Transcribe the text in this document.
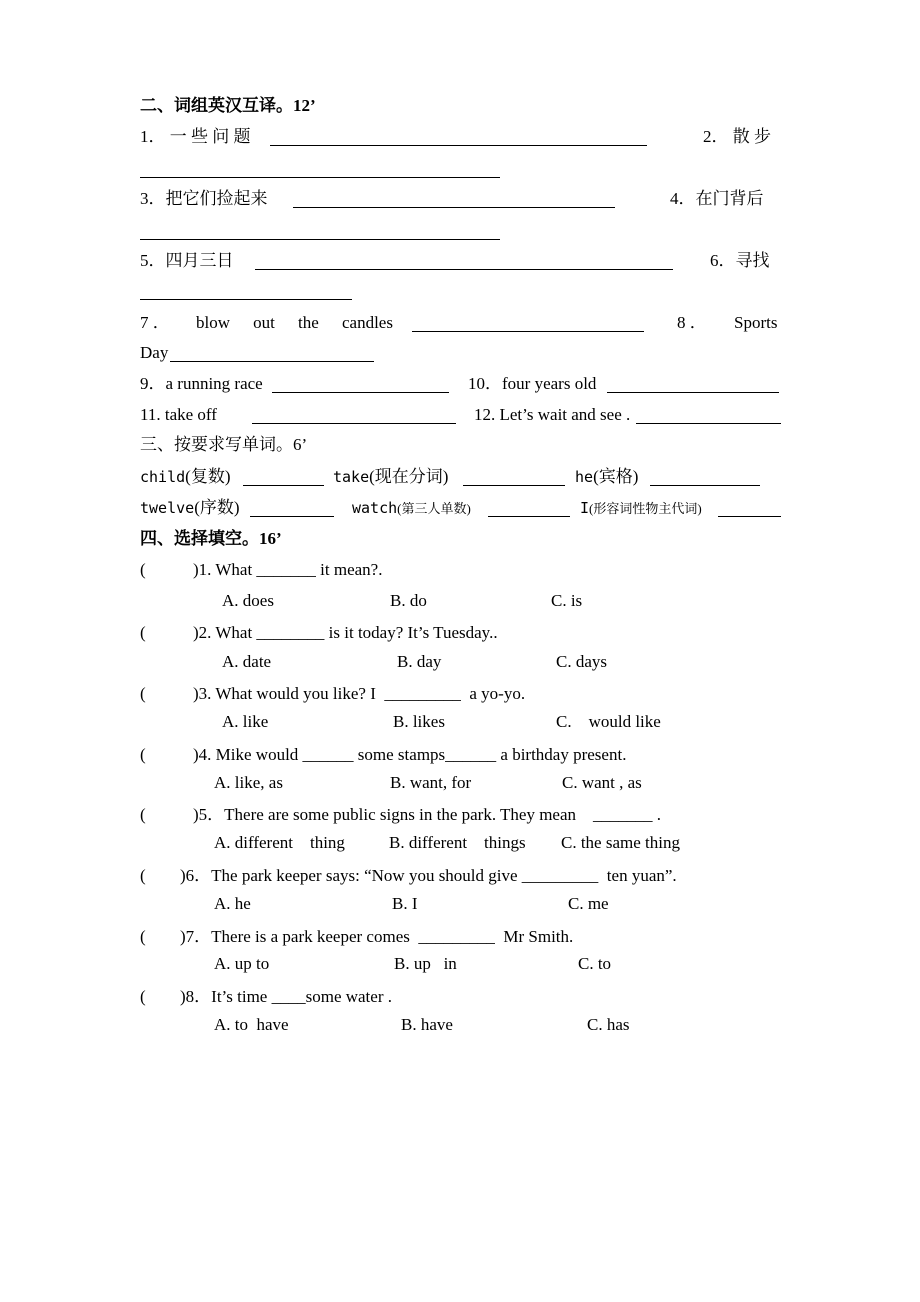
二、词组英汉互译。12’
1． 一 些 问 题	2． 散 步
3．把它们捡起来	4．在门背后
5．四月三日	6．寻找
7 ． blow out the candles	8 ． Sports
Day
9．a running race	10．four years old
11. take off	12. Let’s wait and see .
三、按要求写单词。6’
child(复数)	take(现在分词)	he(宾格)
twelve(序数)	watch(第三人单数)	I(形容词性物主代词)
四、选择填空。16’
(	)1. What _______ it mean?.
A. does	B. do	C. is
(	)2. What ________ is it today? It’s Tuesday..
A. date	B. day	C. days
(	)3. What would you like? I  _________  a yo-yo.
A. like	B. likes	C.    would like
(	)4. Mike would ______ some stamps______ a birthday present.
A. like, as	B. want, for	C. want , as
(	)5．There are some public signs in the park. They mean    _______ .
A. different    thing	B. different    things C. the same thing
( )6．The park keeper says: “Now you should give _________  ten yuan”.
A. he	B. I	C. me
( )7．There is a park keeper comes  _________  Mr Smith.
A. up to	B. up   in	C. to
( )8．It’s time ____some water .
A. to  have	B. have	C. has
